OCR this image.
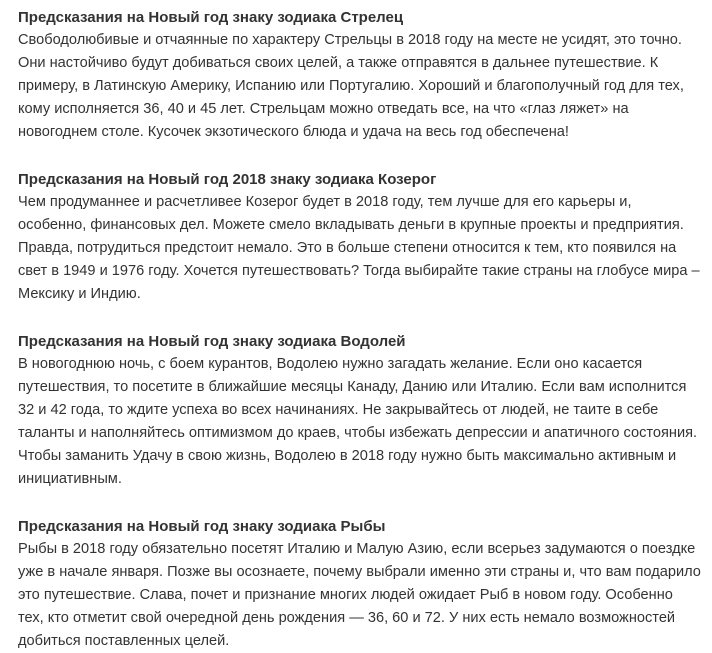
Предсказания на Новый год знаку зодиака Стрелец

Свободолюбивые и отчаянные по характеру Стрельцы в 2018 году на месте не усидят, это точно. Они настойчиво будут добиваться своих целей, а также отправятся в дальнее путешествие. К примеру, в Латинскую Америку, Испанию или Португалию. Хороший и благополучный год для тех, кому исполняется 36, 40 и 45 лет. Стрельцам можно отведать все, на что «глаз ляжет» на новогоднем столе. Кусочек экзотического блюда и удача на весь год обеспечена!

Предсказания на Новый год 2018 знаку зодиака Козерог

Чем продуманнее и расчетливее Козерог будет в 2018 году, тем лучше для его карьеры и, особенно, финансовых дел. Можете смело вкладывать деньги в крупные проекты и предприятия. Правда, потрудиться предстоит немало. Это в больше степени относится к тем, кто появился на свет в 1949 и 1976 году. Хочется путешествовать? Тогда выбирайте такие страны на глобусе мира – Мексику и Индию.

Предсказания на Новый год знаку зодиака Водолей

В новогоднюю ночь, с боем курантов, Водолею нужно загадать желание. Если оно касается путешествия, то посетите в ближайшие месяцы Канаду, Данию или Италию. Если вам исполнится 32 и 42 года, то ждите успеха во всех начинаниях. Не закрывайтесь от людей, не таите в себе таланты и наполняйтесь оптимизмом до краев, чтобы избежать депрессии и апатичного состояния. Чтобы заманить Удачу в свою жизнь, Водолею в 2018 году нужно быть максимально активным и инициативным.

Предсказания на Новый год знаку зодиака Рыбы

Рыбы в 2018 году обязательно посетят Италию и Малую Азию, если всерьез задумаются о поездке уже в начале января. Позже вы осознаете, почему выбрали именно эти страны и, что вам подарило это путешествие. Слава, почет и признание многих людей ожидает Рыб в новом году. Особенно тех, кто отметит свой очередной день рождения — 36, 60 и 72. У них есть немало возможностей добиться поставленных целей.
